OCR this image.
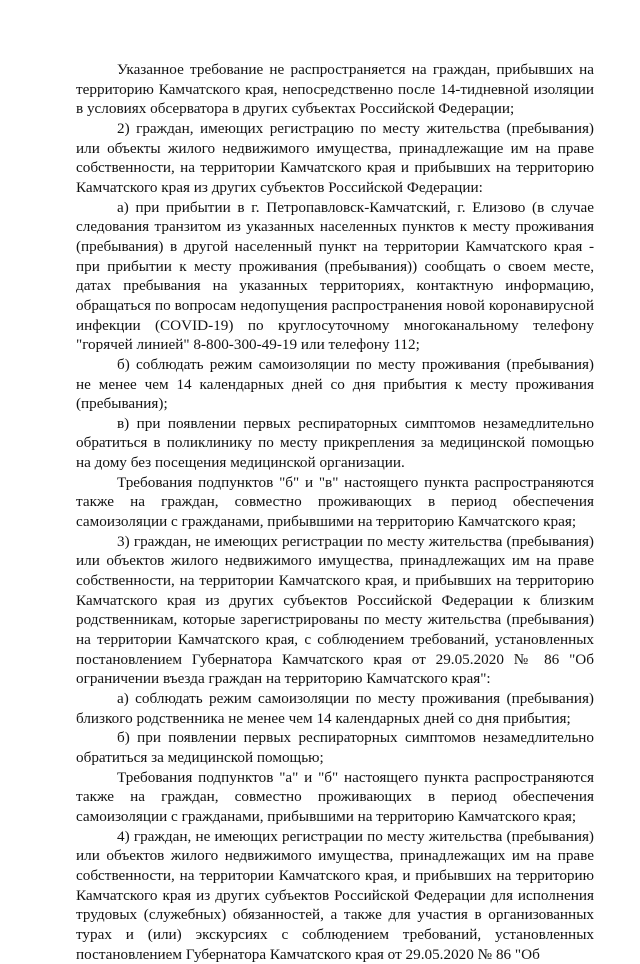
Указанное требование не распространяется на граждан, прибывших на территорию Камчатского края, непосредственно после 14-тидневной изоляции в условиях обсерватора в других субъектах Российской Федерации;

2) граждан, имеющих регистрацию по месту жительства (пребывания) или объекты жилого недвижимого имущества, принадлежащие им на праве собственности, на территории Камчатского края и прибывших на территорию Камчатского края из других субъектов Российской Федерации:

а) при прибытии в г. Петропавловск-Камчатский, г. Елизово (в случае следования транзитом из указанных населенных пунктов к месту проживания (пребывания) в другой населенный пункт на территории Камчатского края - при прибытии к месту проживания (пребывания)) сообщать о своем месте, датах пребывания на указанных территориях, контактную информацию, обращаться по вопросам недопущения распространения новой коронавирусной инфекции (COVID-19) по круглосуточному многоканальному телефону "горячей линией" 8-800-300-49-19 или телефону 112;

б) соблюдать режим самоизоляции по месту проживания (пребывания) не менее чем 14 календарных дней со дня прибытия к месту проживания (пребывания);

в) при появлении первых респираторных симптомов незамедлительно обратиться в поликлинику по месту прикрепления за медицинской помощью на дому без посещения медицинской организации.

Требования подпунктов "б" и "в" настоящего пункта распространяются также на граждан, совместно проживающих в период обеспечения самоизоляции с гражданами, прибывшими на территорию Камчатского края;

3) граждан, не имеющих регистрации по месту жительства (пребывания) или объектов жилого недвижимого имущества, принадлежащих им на праве собственности, на территории Камчатского края, и прибывших на территорию Камчатского края из других субъектов Российской Федерации к близким родственникам, которые зарегистрированы по месту жительства (пребывания) на территории Камчатского края, с соблюдением требований, установленных постановлением Губернатора Камчатского края от 29.05.2020 № 86 "Об ограничении въезда граждан на территорию Камчатского края":

а) соблюдать режим самоизоляции по месту проживания (пребывания) близкого родственника не менее чем 14 календарных дней со дня прибытия;

б) при появлении первых респираторных симптомов незамедлительно обратиться за медицинской помощью;

Требования подпунктов "а" и "б" настоящего пункта распространяются также на граждан, совместно проживающих в период обеспечения самоизоляции с гражданами, прибывшими на территорию Камчатского края;

4) граждан, не имеющих регистрации по месту жительства (пребывания) или объектов жилого недвижимого имущества, принадлежащих им на праве собственности, на территории Камчатского края, и прибывших на территорию Камчатского края из других субъектов Российской Федерации для исполнения трудовых (служебных) обязанностей, а также для участия в организованных турах и (или) экскурсиях с соблюдением требований, установленных постановлением Губернатора Камчатского края от 29.05.2020 № 86 "Об
